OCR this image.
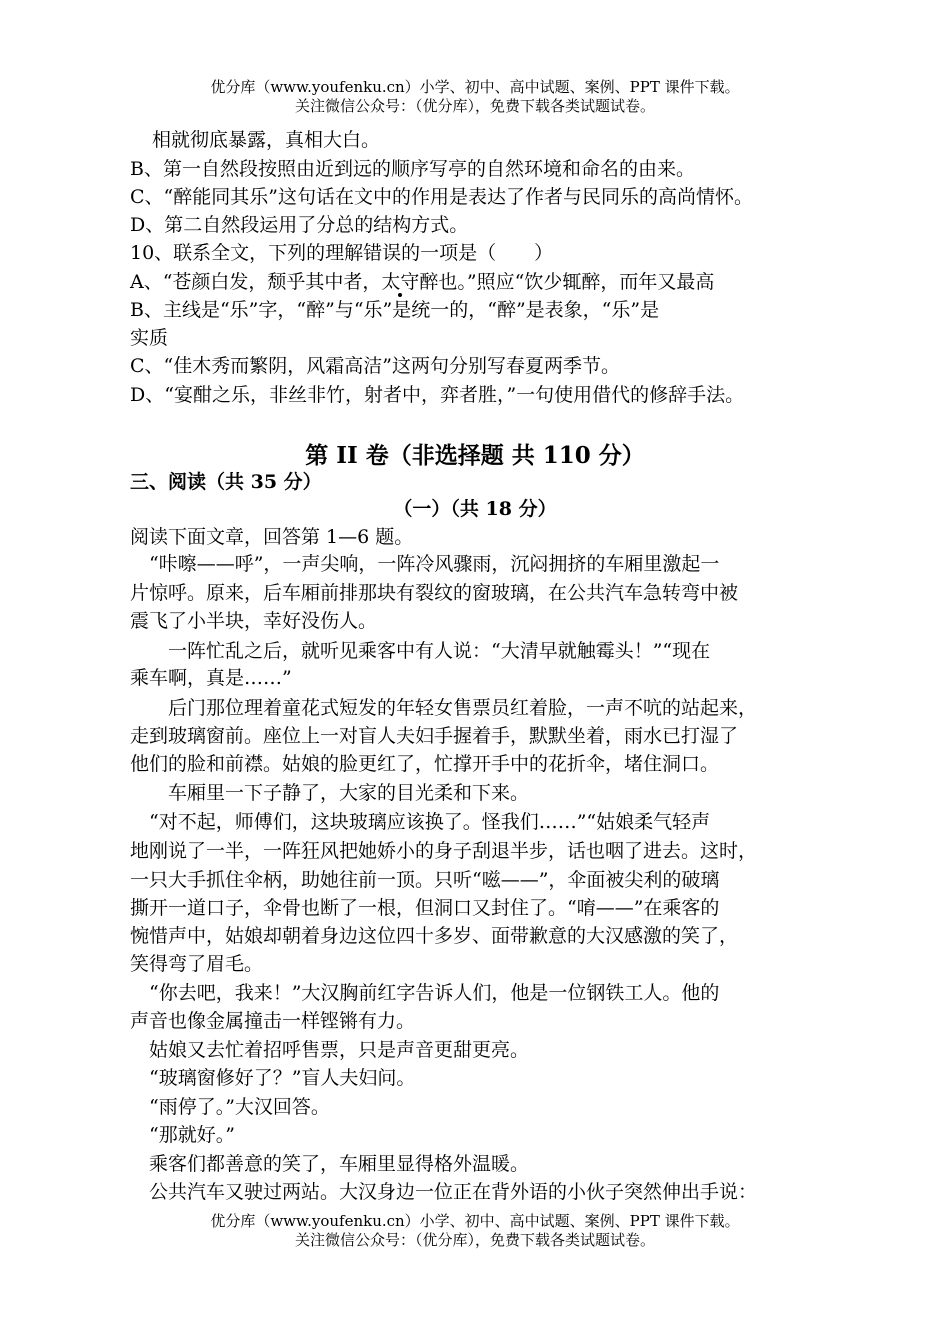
优分库（www.youfenku.cn）小学、初中、高中试题、案例、PPT 课件下载。
关注微信公众号：（优分库），免费下载各类试题试卷。
相就彻底暴露，真相大白。
B、第一自然段按照由近到远的顺序写亭的自然环境和命名的由来。
C、“醉能同其乐”这句话在文中的作用是表达了作者与民同乐的高尚情怀。
D、第二自然段运用了分总的结构方式。
10、联系全文，下列的理解错误的一项是（　　）
A、“苍颜白发，颓乎其中者，太守醉也。”照应“饮少辄醉，而年又最高
B、主线是“乐”字，“醉”与“乐”是统一的，“醉”是表象，“乐”是
实质
C、“佳木秀而繁阴，风霜高洁”这两句分别写春夏两季节。
D、“宴酣之乐，非丝非竹，射者中，弈者胜，”一句使用借代的修辞手法。
第 II 卷（非选择题 共 110 分）
三、阅读（共 35 分）
（一）（共 18 分）
阅读下面文章，回答第 1—6 题。
　“咔嚓——呼”，一声尖响，一阵冷风骤雨，沉闷拥挤的车厢里激起一
片惊呼。原来，后车厢前排那块有裂纹的窗玻璃，在公共汽车急转弯中被
震飞了小半块，幸好没伤人。
　　一阵忙乱之后，就听见乘客中有人说：“大清早就触霉头！”“现在
乘车啊，真是……”
　　后门那位理着童花式短发的年轻女售票员红着脸，一声不吭的站起来，
走到玻璃窗前。座位上一对盲人夫妇手握着手，默默坐着，雨水已打湿了
他们的脸和前襟。姑娘的脸更红了，忙撑开手中的花折伞，堵住洞口。
　　车厢里一下子静了，大家的目光柔和下来。
　“对不起，师傅们，这块玻璃应该换了。怪我们……”“姑娘柔气轻声
地刚说了一半，一阵狂风把她娇小的身子刮退半步，话也咽了进去。这时，
一只大手抓住伞柄，助她往前一顶。只听“嗞——”，伞面被尖利的破璃
撕开一道口子，伞骨也断了一根，但洞口又封住了。“唷——”在乘客的
惋惜声中，姑娘却朝着身边这位四十多岁、面带歉意的大汉感激的笑了，
笑得弯了眉毛。
　“你去吧，我来！”大汉胸前红字告诉人们，他是一位钢铁工人。他的
声音也像金属撞击一样铿锵有力。
　姑娘又去忙着招呼售票，只是声音更甜更亮。
　“玻璃窗修好了？”盲人夫妇问。
　“雨停了。”大汉回答。
　“那就好。”
　乘客们都善意的笑了，车厢里显得格外温暖。
　公共汽车又驶过两站。大汉身边一位正在背外语的小伙子突然伸出手说：
优分库（www.youfenku.cn）小学、初中、高中试题、案例、PPT 课件下载。
关注微信公众号：（优分库），免费下载各类试题试卷。
